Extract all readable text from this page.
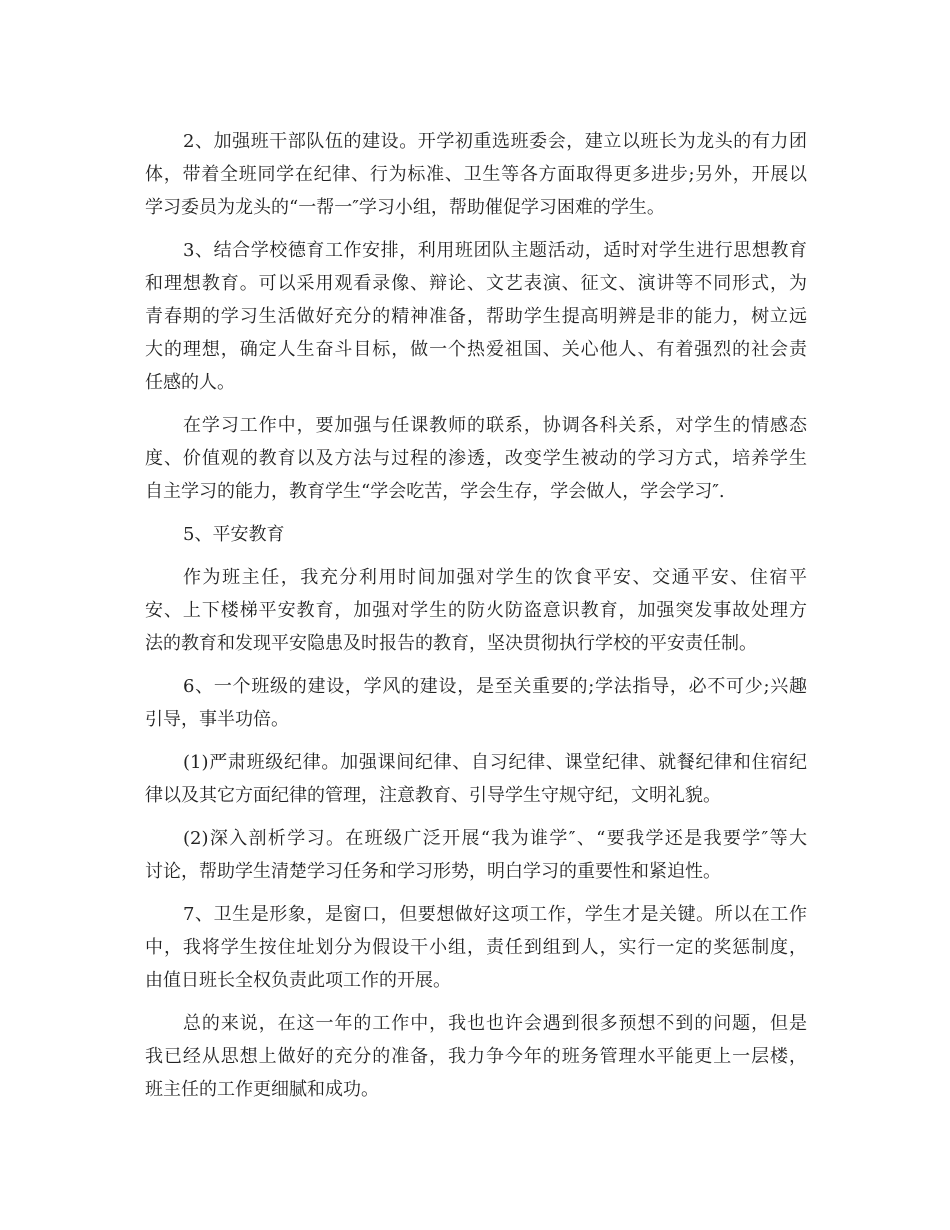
2、加强班干部队伍的建设。开学初重选班委会，建立以班长为龙头的有力团
体，带着全班同学在纪律、行为标准、卫生等各方面取得更多进步;另外，开展以
学习委员为龙头的“一帮一″学习小组，帮助催促学习困难的学生。
3、结合学校德育工作安排，利用班团队主题活动，适时对学生进行思想教育
和理想教育。可以采用观看录像、辩论、文艺表演、征文、演讲等不同形式，为
青春期的学习生活做好充分的精神准备，帮助学生提高明辨是非的能力，树立远
大的理想，确定人生奋斗目标，做一个热爱祖国、关心他人、有着强烈的社会责
任感的人。
在学习工作中，要加强与任课教师的联系，协调各科关系，对学生的情感态
度、价值观的教育以及方法与过程的渗透，改变学生被动的学习方式，培养学生
自主学习的能力，教育学生“学会吃苦，学会生存，学会做人，学会学习″.
5、平安教育
作为班主任，我充分利用时间加强对学生的饮食平安、交通平安、住宿平
安、上下楼梯平安教育，加强对学生的防火防盗意识教育，加强突发事故处理方
法的教育和发现平安隐患及时报告的教育，坚决贯彻执行学校的平安责任制。
6、一个班级的建设，学风的建设，是至关重要的;学法指导，必不可少;兴趣
引导，事半功倍。
(1)严肃班级纪律。加强课间纪律、自习纪律、课堂纪律、就餐纪律和住宿纪
律以及其它方面纪律的管理，注意教育、引导学生守规守纪，文明礼貌。
(2)深入剖析学习。在班级广泛开展“我为谁学″、“要我学还是我要学″等大
讨论，帮助学生清楚学习任务和学习形势，明白学习的重要性和紧迫性。
7、卫生是形象，是窗口，但要想做好这项工作，学生才是关键。所以在工作
中，我将学生按住址划分为假设干小组，责任到组到人，实行一定的奖惩制度，
由值日班长全权负责此项工作的开展。
总的来说，在这一年的工作中，我也也许会遇到很多预想不到的问题，但是
我已经从思想上做好的充分的准备，我力争今年的班务管理水平能更上一层楼，
班主任的工作更细腻和成功。
